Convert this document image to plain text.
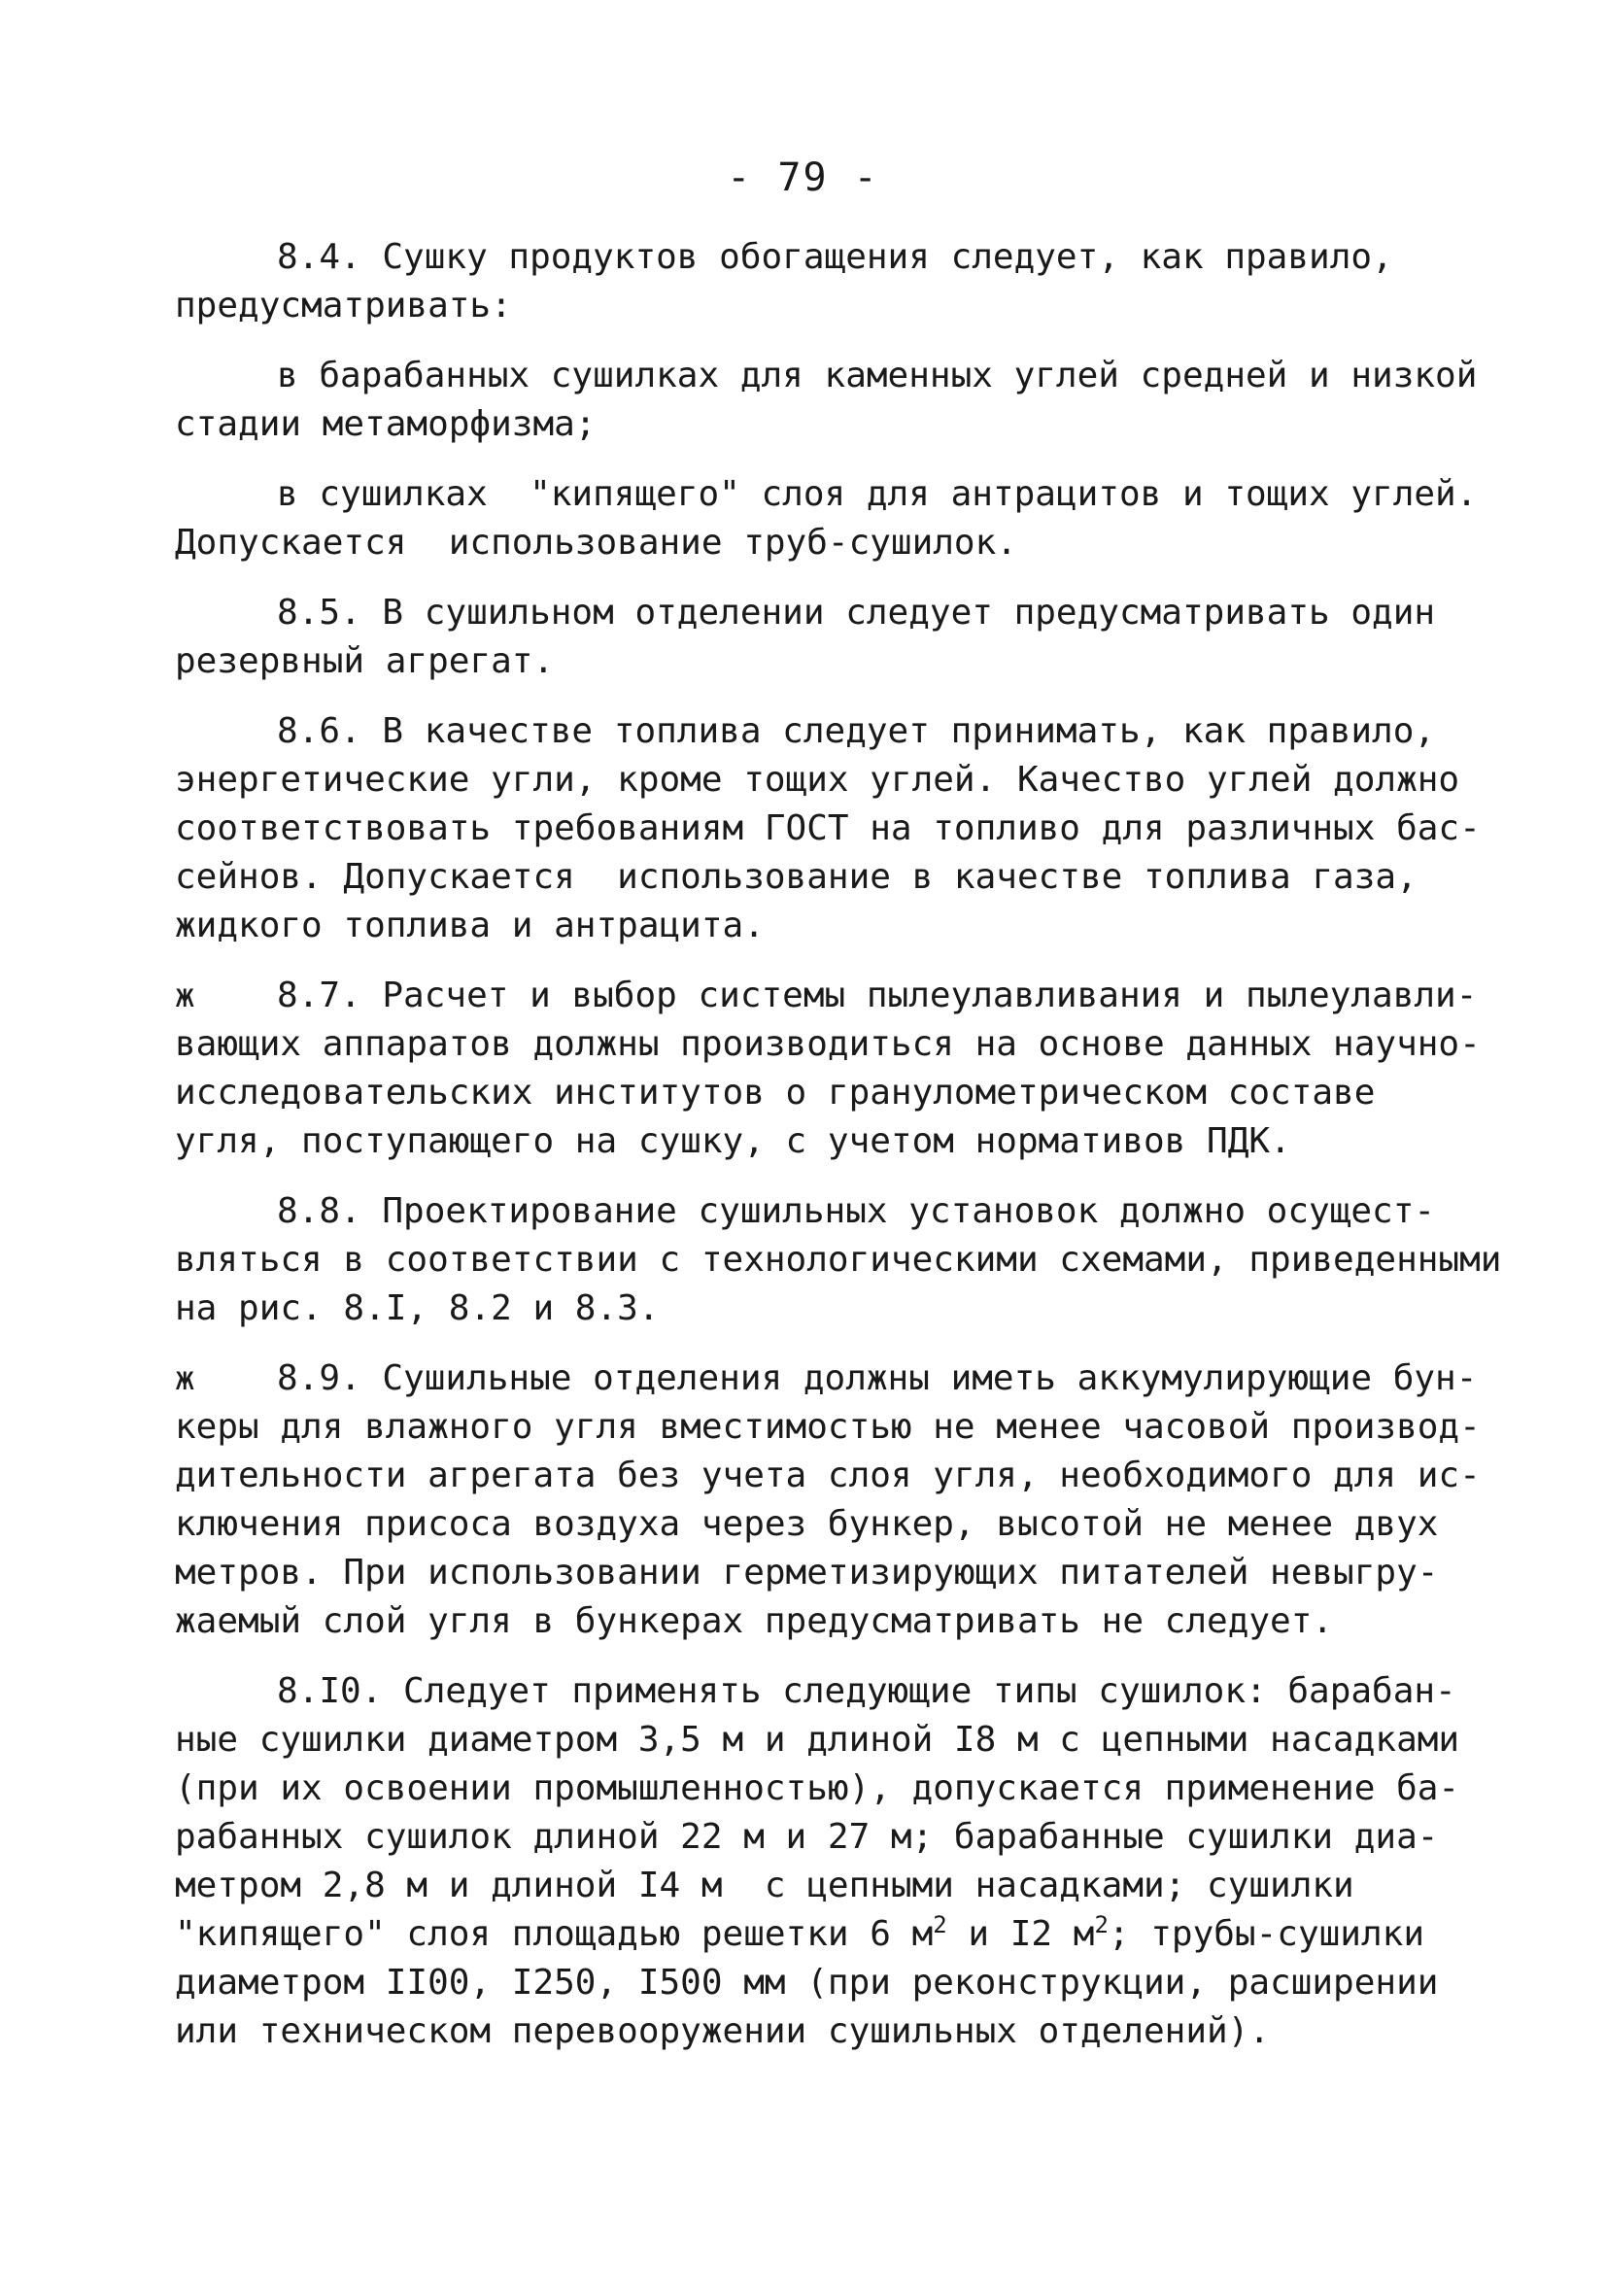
- 79 -
8.4. Сушку продуктов обогащения следует, как правило,
предусматривать:
в барабанных сушилках для каменных углей средней и низкой
стадии метаморфизма;
в сушилках  "кипящего" слоя для антрацитов и тощих углей.
Допускается  использование труб-сушилок.
8.5. В сушильном отделении следует предусматривать один
резервный агрегат.
8.6. В качестве топлива следует принимать, как правило,
энергетические угли, кроме тощих углей. Качество углей должно
соответствовать требованиям ГОСТ на топливо для различных бас-
сейнов. Допускается  использование в качестве топлива газа,
жидкого топлива и антрацита.
ж	8.7. Расчет и выбор системы пылеулавливания и пылеулавли-
вающих аппаратов должны производиться на основе данных научно-
исследовательских институтов о гранулометрическом составе
угля, поступающего на сушку, с учетом нормативов ПДК.
8.8. Проектирование сушильных установок должно осущест-
вляться в соответствии с технологическими схемами, приведенными
на рис. 8.I, 8.2 и 8.3.
ж	8.9. Сушильные отделения должны иметь аккумулирующие бун-
керы для влажного угля вместимостью не менее часовой производ-
дительности агрегата без учета слоя угля, необходимого для ис-
ключения присоса воздуха через бункер, высотой не менее двух
метров. При использовании герметизирующих питателей невыгру-
жаемый слой угля в бункерах предусматривать не следует.
8.I0. Следует применять следующие типы сушилок: барабан-
ные сушилки диаметром 3,5 м и длиной I8 м с цепными насадками
(при их освоении промышленностью), допускается применение ба-
рабанных сушилок длиной 22 м и 27 м; барабанные сушилки диа-
метром 2,8 м и длиной I4 м  с цепными насадками; сушилки
"кипящего" слоя площадью решетки 6 $м^2$ и I2 $м^2$; трубы-сушилки
диаметром II00, I250, I500 мм (при реконструкции, расширении
или техническом перевооружении сушильных отделений).
